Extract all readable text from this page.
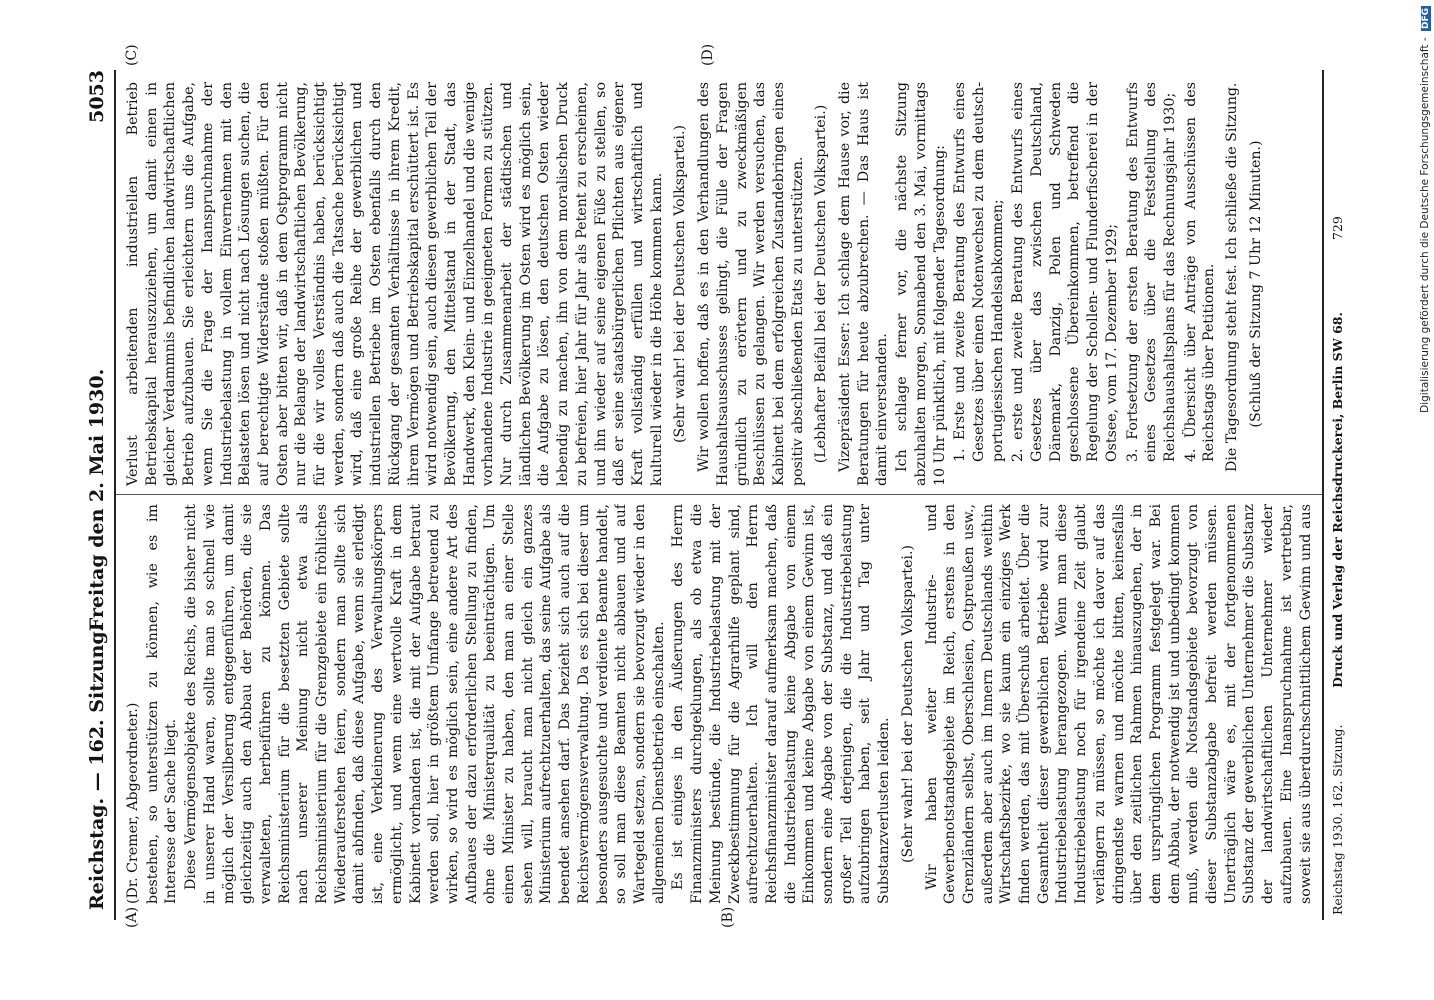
Reichstag. — 162. Sitzung.
Freitag den 2. Mai 1930.
5053
(A)	(B)
(C)	(D)

(Dr. Cremer, Abgeordneter.) bestehen, so unterstützen zu können, wie es im Interesse der Sache liegt. Diese Vermögensobjekte des Reichs, die bisher nicht in unserer Hand waren, sollte man so schnell wie möglich der Versilberung entgegenführen, um damit gleichzeitig auch den Abbau der Behörden, die sie verwalteten, herbeiführen zu können. Das Reichsministerium für die besetzten Gebiete sollte nach unserer Meinung nicht etwa als Reichsministerium für die Grenzgebiete ein fröhliches Wiederauferstehen feiern, sondern man sollte sich damit abfinden, daß diese Aufgabe, wenn sie erledigt ist, eine Verkleinerung des Verwaltungskörpers ermöglicht, und wenn eine wertvolle Kraft in dem Kabinett vorhanden ist, die mit der Aufgabe betraut werden soll, hier in größtem Umfange betreuend zu wirken, so wird es möglich sein, eine andere Art des Aufbaues der dazu erforderlichen Stellung zu finden, ohne die Ministerqualität zu beeinträchtigen. Um einen Minister zu haben, den man an einer Stelle sehen will, braucht man nicht gleich ein ganzes Ministerium aufrechtzuerhalten, das seine Aufgabe als beendet ansehen darf. Das bezieht sich auch auf die Reichsvermögensverwaltung. Da es sich bei dieser um besonders ausgesuchte und verdiente Beamte handelt, so soll man diese Beamten nicht abbauen und auf Wartegeld setzen, sondern sie bevorzugt wieder in den allgemeinen Dienstbetrieb einschalten. Es ist einiges in den Äußerungen des Herrn Finanzministers durchgeklungen, als ob etwa die Meinung bestünde, die Industriebelastung mit der Zweckbestimmung für die Agrarhilfe geplant sind, aufrechtzuerhalten. Ich will den Herrn Reichsfinanzminister darauf aufmerksam machen, daß die Industriebelastung keine Abgabe von einem Einkommen und keine Abgabe von einem Gewinn ist, sondern eine Abgabe von der Substanz, und daß ein großer Teil derjenigen, die die Industriebelastung aufzubringen haben, seit Jahr und Tag unter Substanzverlusten leiden. (Sehr wahr! bei der Deutschen Volkspartei.)

Wir haben weiter Industrie- und Gewerbenotstandsgebiete im Reich, erstens in den Grenzländern selbst, Oberschlesien, Ostpreußen usw., außerdem aber auch im Innern Deutschlands weithin Wirtschaftsbezirke, wo sie kaum ein einziges Werk finden werden, das mit Überschuß arbeitet. Über die Gesamtheit dieser gewerblichen Betriebe wird zur Industriebelastung herangezogen. Wenn man diese Industriebelastung noch für irgendeine Zeit glaubt verlängern zu müssen, so möchte ich davor auf das dringendste warnen und möchte bitten, keinesfalls über den zeitlichen Rahmen hinauszugehen, der in dem ursprünglichen Programm festgelegt war. Bei dem Abbau, der notwendig ist und unbedingt kommen muß, werden die Notstandsgebiete bevorzugt von dieser Substanzabgabe befreit werden müssen. Unerträglich wäre es, mit der fortgenommenen Substanz der gewerblichen Unternehmer die Substanz der landwirtschaftlichen Unternehmer wieder aufzubauen. Eine Inanspruchnahme ist vertretbar, soweit sie aus überdurchschnittlichem Gewinn und aus

Verlust arbeitenden industriellen Betrieb Betriebskapital herauszuziehen, um damit einen in gleicher Verdammnis befindlichen landwirtschaftlichen Betrieb aufzubauen. Sie erleichtern uns die Aufgabe, wenn Sie die Frage der Inanspruchnahme der Industriebelastung in vollem Einvernehmen mit den Belasteten lösen und nicht nach Lösungen suchen, die auf berechtigte Widerstände stoßen müßten. Für den Osten aber bitten wir, daß in dem Ostprogramm nicht nur die Belange der landwirtschaftlichen Bevölkerung, für die wir volles Verständnis haben, berücksichtigt werden, sondern daß auch die Tatsache berücksichtigt wird, daß eine große Reihe der gewerblichen und industriellen Betriebe im Osten ebenfalls durch den Rückgang der gesamten Verhältnisse in ihrem Kredit, ihrem Vermögen und Betriebskapital erschüttert ist. Es wird notwendig sein, auch diesen gewerblichen Teil der Bevölkerung, den Mittelstand in der Stadt, das Handwerk, den Klein- und Einzelhandel und die wenige vorhandene Industrie in geeigneten Formen zu stützen. Nur durch Zusammenarbeit der städtischen und ländlichen Bevölkerung im Osten wird es möglich sein, die Aufgabe zu lösen, den deutschen Osten wieder lebendig zu machen, ihn von dem moralischen Druck zu befreien, hier Jahr für Jahr als Petent zu erscheinen, und ihn wieder auf seine eigenen Füße zu stellen, so daß er seine staatsbürgerlichen Pflichten aus eigener Kraft vollständig erfüllen und wirtschaftlich und kulturell wieder in die Höhe kommen kann. (Sehr wahr! bei der Deutschen Volkspartei.) Wir wollen hoffen, daß es in den Verhandlungen des Haushaltsausschusses gelingt, die Fülle der Fragen gründlich zu erörtern und zu zweckmäßigen Beschlüssen zu gelangen. Wir werden versuchen, das Kabinett bei dem erfolgreichen Zustandebringen eines positiv abschließenden Etats zu unterstützen. (Lebhafter Beifall bei der Deutschen Volkspartei.) Vizepräsident Esser: Ich schlage dem Hause vor, die Beratungen für heute abzubrechen. — Das Haus ist damit einverstanden. Ich schlage ferner vor, die nächste Sitzung abzuhalten morgen, Sonnabend den 3. Mai, vormittags 10 Uhr pünktlich, mit folgender Tagesordnung: 1. Erste und zweite Beratung des Entwurfs eines Gesetzes über einen Notenwechsel zu dem deutsch-portugiesischen Handelsabkommen; 2. erste und zweite Beratung des Entwurfs eines Gesetzes über das zwischen Deutschland, Dänemark, Danzig, Polen und Schweden geschlossene Übereinkommen, betreffend die Regelung der Schollen- und Flunderfischerei in der Ostsee, vom 17. Dezember 1929; 3. Fortsetzung der ersten Beratung des Entwurfs eines Gesetzes über die Feststellung des Reichshaushaltsplans für das Rechnungsjahr 1930; 4. Übersicht über Anträge von Ausschüssen des Reichstags über Petitionen. Die Tagesordnung steht fest. Ich schließe die Sitzung. (Schluß der Sitzung 7 Uhr 12 Minuten.)

Reichstag 1930. 162. Sitzung.
Druck und Verlag der Reichsdruckerei, Berlin SW 68.
729	Digitalisierung gefördert durch die Deutsche Forschungsgemeinschaft - DFG
